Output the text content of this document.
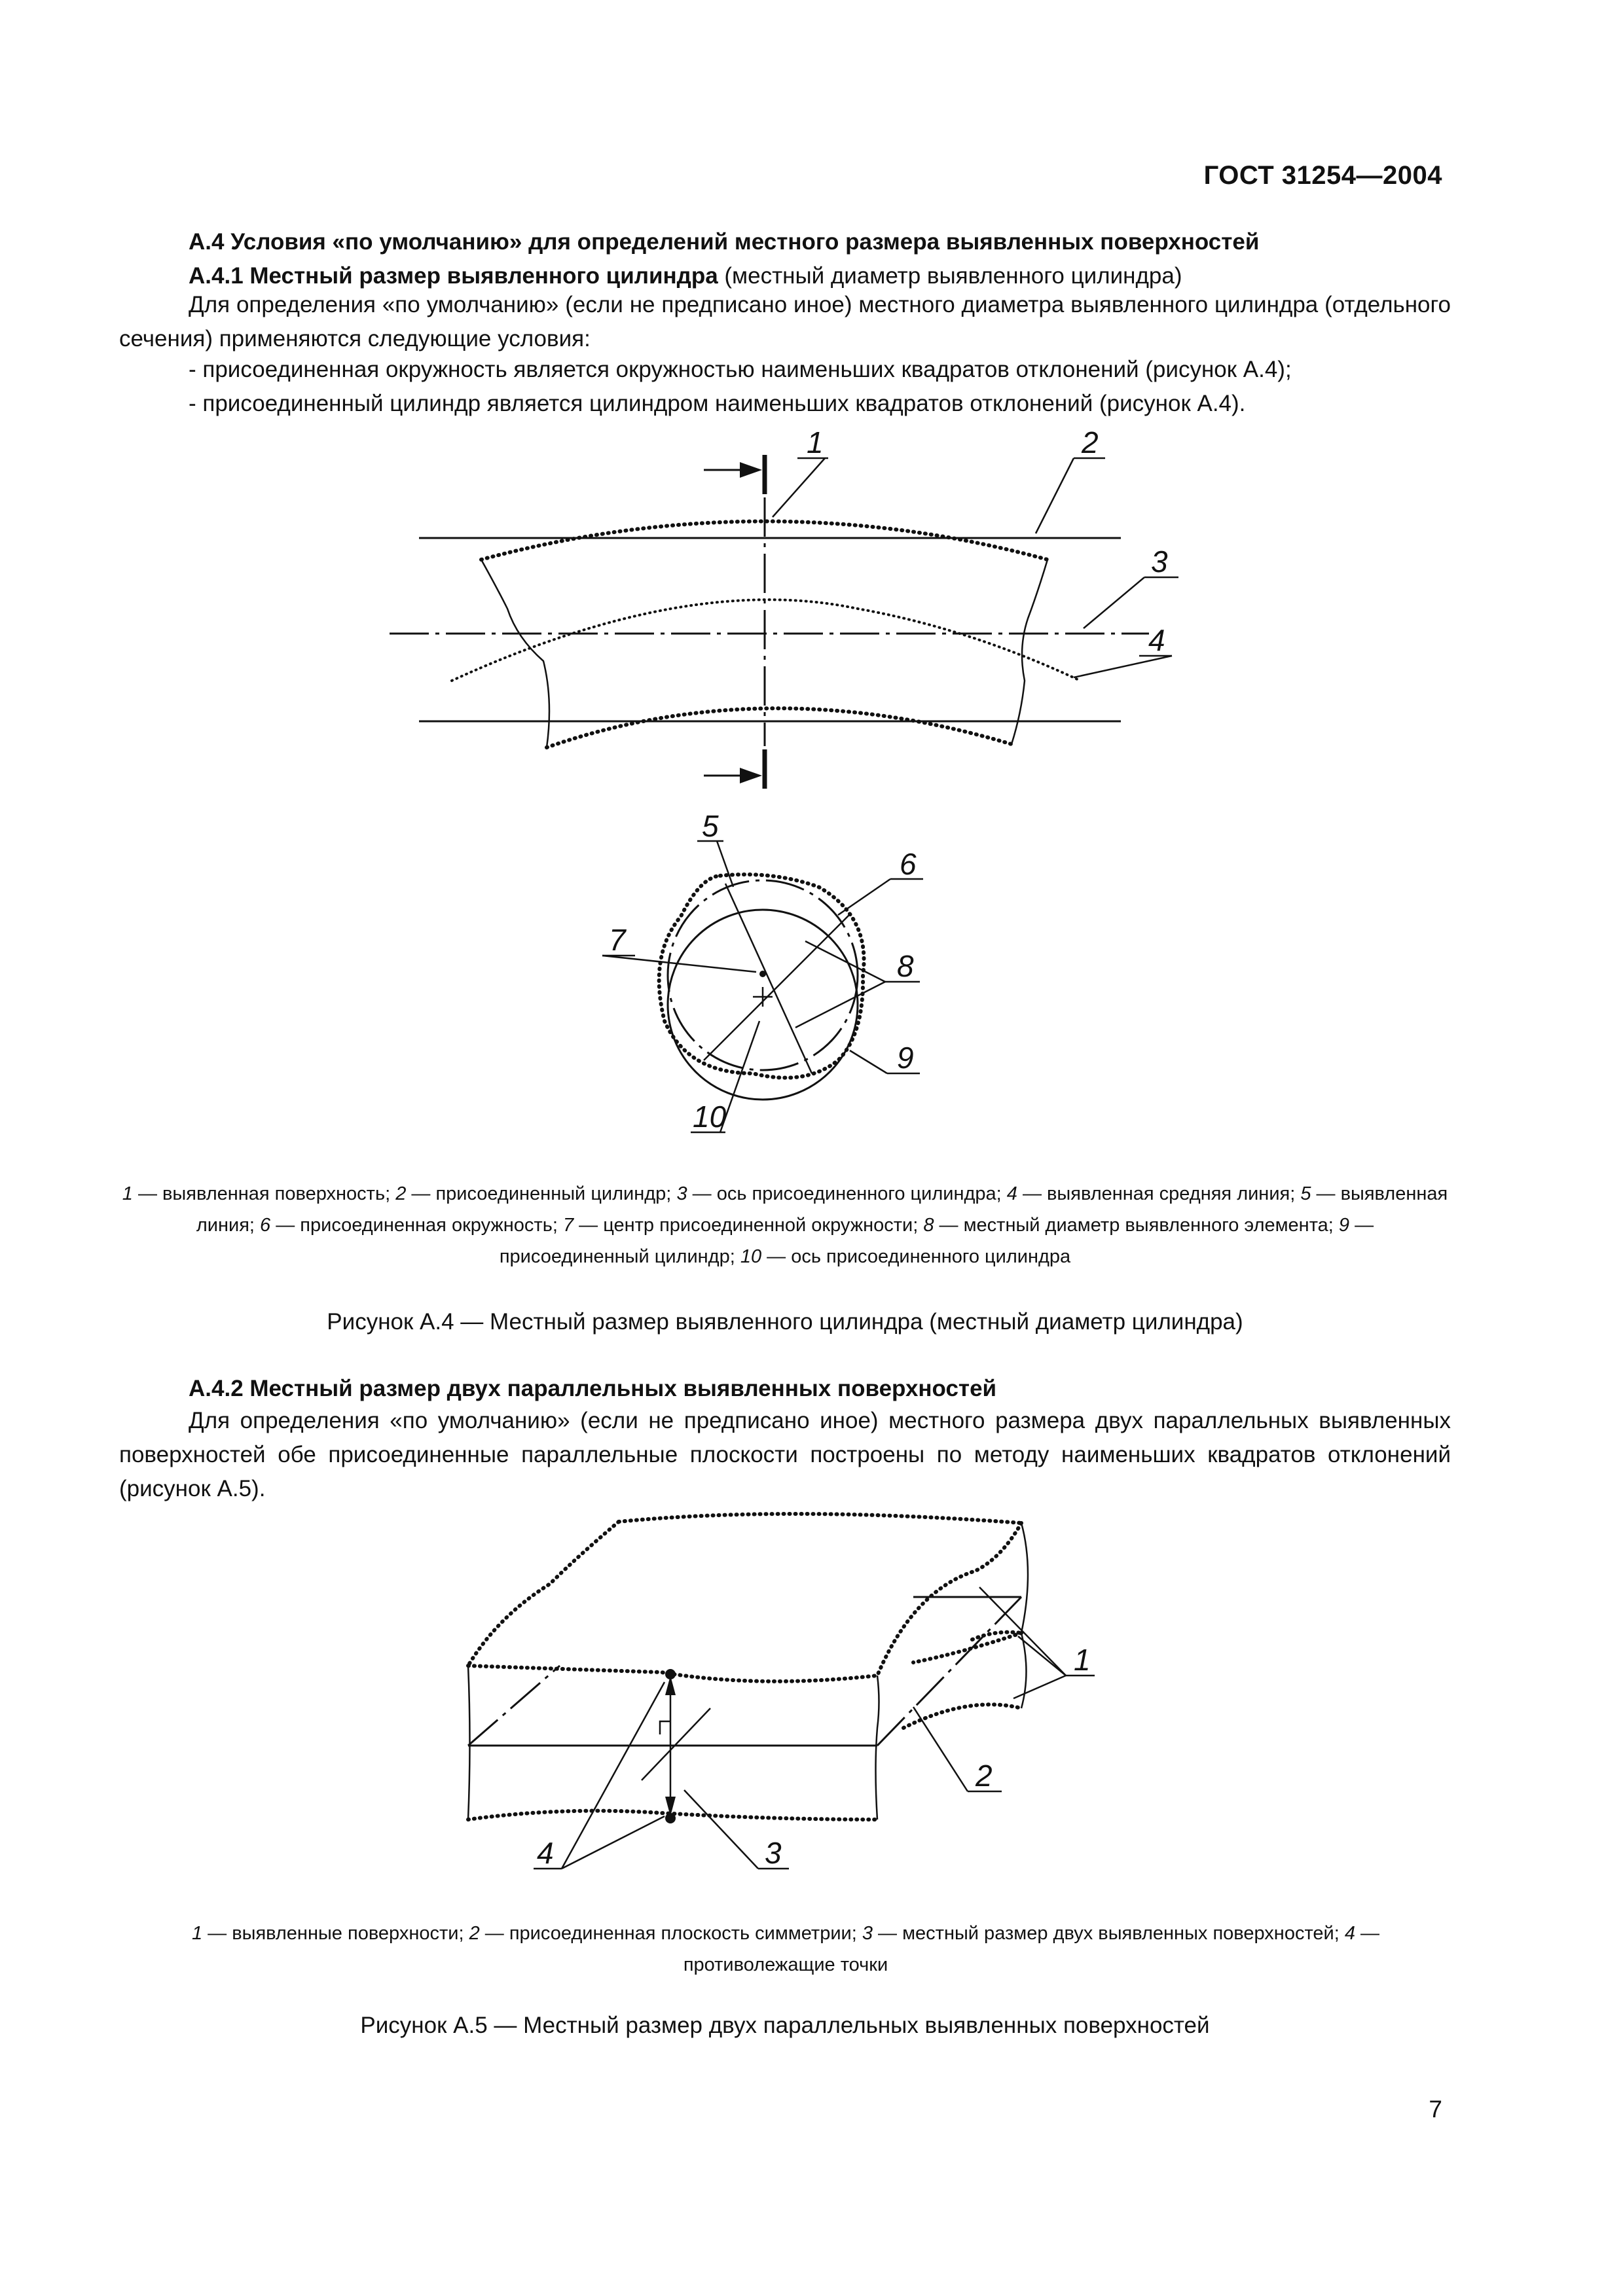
ГОСТ 31254—2004
А.4 Условия «по умолчанию» для определений местного размера выявленных поверхностей
А.4.1 Местный размер выявленного цилиндра (местный диаметр выявленного цилиндра)

Для определения «по умолчанию» (если не предписано иное) местного диаметра выявленного цилиндра (отдельного сечения) применяются следующие условия:

- присоединенная окружность является окружностью наименьших квадратов отклонений (рисунок А.4);
- присоединенный цилиндр является цилиндром наименьших квадратов отклонений (рисунок А.4).
1	2
3
4
5
6
7
8
9
10

1 — выявленная поверхность; 2 — присоединенный цилиндр; 3 — ось присоединенного цилиндра; 4 — выявленная средняя линия; 5 — выявленная линия; 6 — присоединенная окружность; 7 — центр присоединенной окружности; 8 — местный диаметр выявленного элемента; 9 — присоединенный цилиндр; 10 — ось присоединенного цилиндра

Рисунок А.4 — Местный размер выявленного цилиндра (местный диаметр цилиндра)

А.4.2 Местный размер двух параллельных выявленных поверхностей

Для определения «по умолчанию» (если не предписано иное) местного размера двух параллельных выявленных поверхностей обе присоединенные параллельные плоскости построены по методу наименьших квадратов отклонений (рисунок А.5).

1
2
3
4

1 — выявленные поверхности; 2 — присоединенная плоскость симметрии; 3 — местный размер двух выявленных поверхностей; 4 — противолежащие точки

Рисунок А.5 — Местный размер двух параллельных выявленных поверхностей

7
